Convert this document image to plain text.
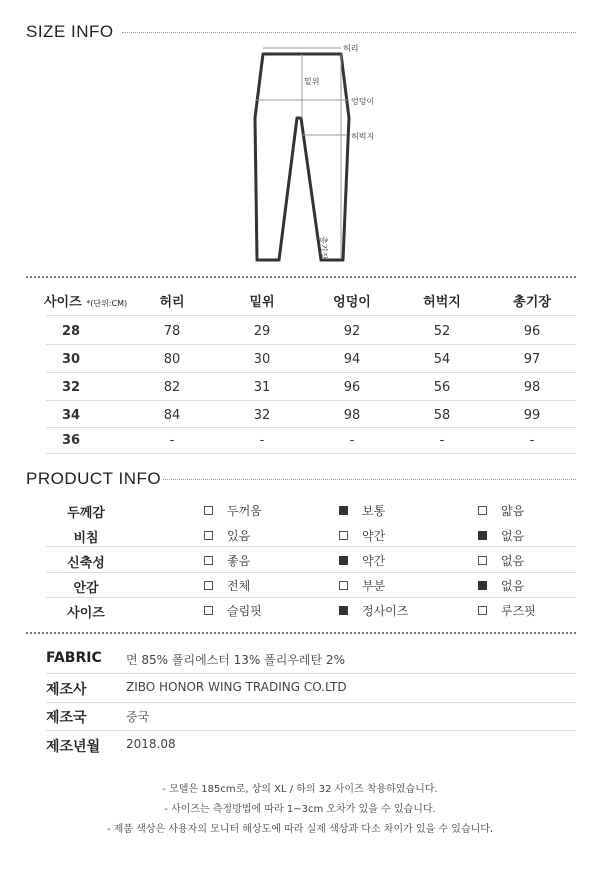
SIZE INFO
허리
밑위
엉덩이
허벅지
총기장
사이즈 *(단위:CM)	허리	밑위	엉덩이	허벅지	총기장
28	78	29	92	52	96
30	80	30	94	54	97
32	82	31	96	56	98
34	84	32	98	58	99
36	-	-	-	-	-
PRODUCT INFO
두께감	두꺼움	보통	얇음
비침	있음	약간	없음
신축성	좋음	약간	없음
안감	전체	부분	없음
사이즈	슬림핏	정사이즈	루즈핏
FABRIC 면 85% 폴리에스터 13% 폴리우레탄 2%
제조사	ZIBO HONOR WING TRADING CO.LTD
제조국	중국
제조년월 2018.08
- 모델은 185cm로, 상의 XL / 하의 32 사이즈 착용하였습니다.
- 사이즈는 측정방법에 따라 1~3cm 오차가 있을 수 있습니다.
- 제품 색상은 사용자의 모니터 해상도에 따라 실제 색상과 다소 차이가 있을 수 있습니다.
